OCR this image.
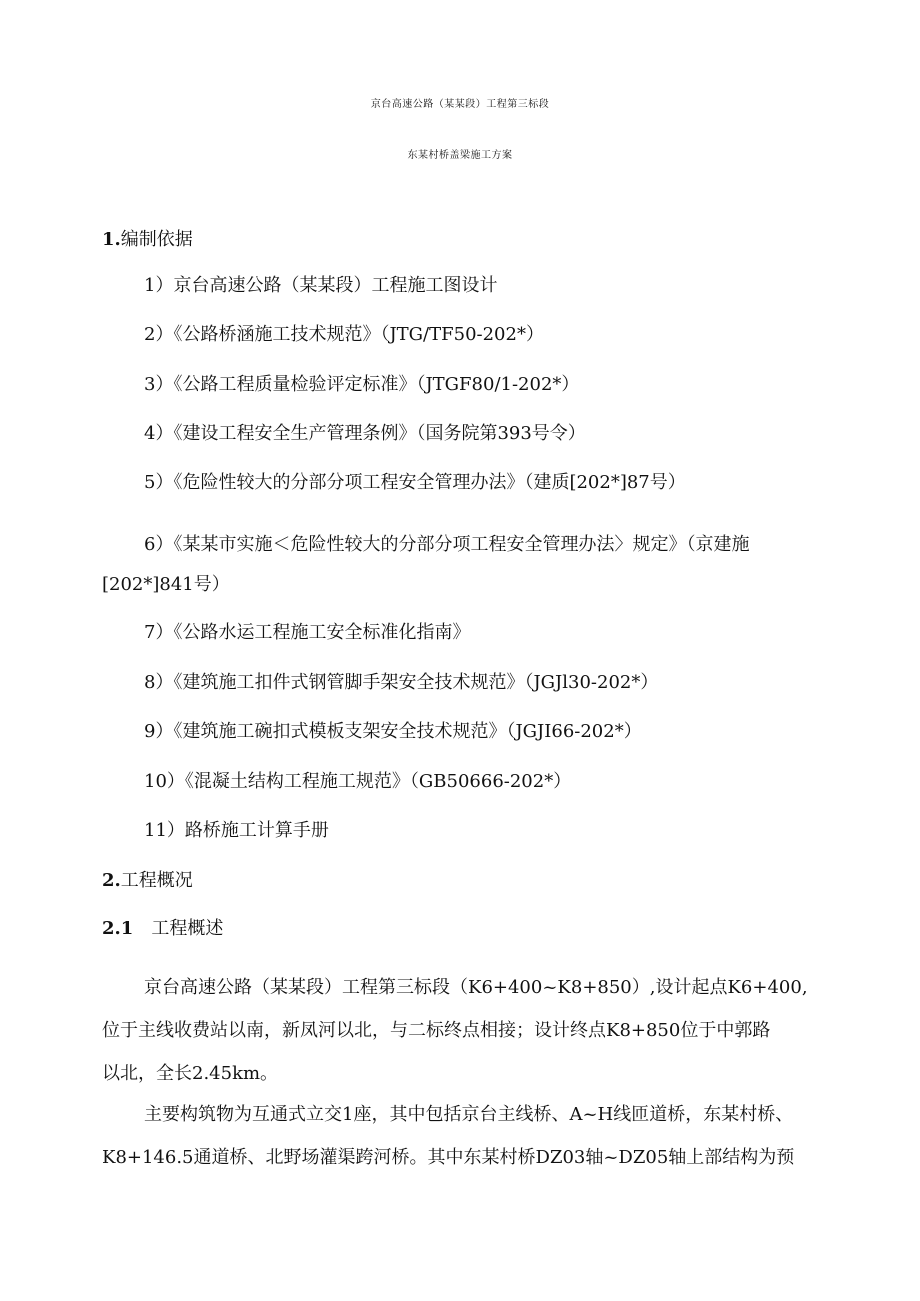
京台高速公路（某某段）工程第三标段
东某村桥盖梁施工方案
1.编制依据
1）京台高速公路（某某段）工程施工图设计
2）《公路桥涵施工技术规范》（JTG/TF50-202*）
3）《公路工程质量检验评定标准》（JTGF80/1-202*）
4）《建设工程安全生产管理条例》（国务院第393号令）
5）《危险性较大的分部分项工程安全管理办法》（建质[202*]87号）
6）《某某市实施＜危险性较大的分部分项工程安全管理办法〉规定》（京建施
[202*]841号）
7）《公路水运工程施工安全标准化指南》
8）《建筑施工扣件式钢管脚手架安全技术规范》（JGJl30-202*）
9）《建筑施工碗扣式模板支架安全技术规范》（JGJI66-202*）
10）《混凝土结构工程施工规范》（GB50666-202*）
11）路桥施工计算手册
2.工程概况
2.1 工程概述
京台高速公路（某某段）工程第三标段（K6+400~K8+850）,设计起点K6+400,
位于主线收费站以南，新凤河以北，与二标终点相接；设计终点K8+850位于中郭路
以北，全长2.45km。
主要构筑物为互通式立交1座，其中包括京台主线桥、A~H线匝道桥，东某村桥、
K8+146.5通道桥、北野场灌渠跨河桥。其中东某村桥DZ03轴~DZ05轴上部结构为预
